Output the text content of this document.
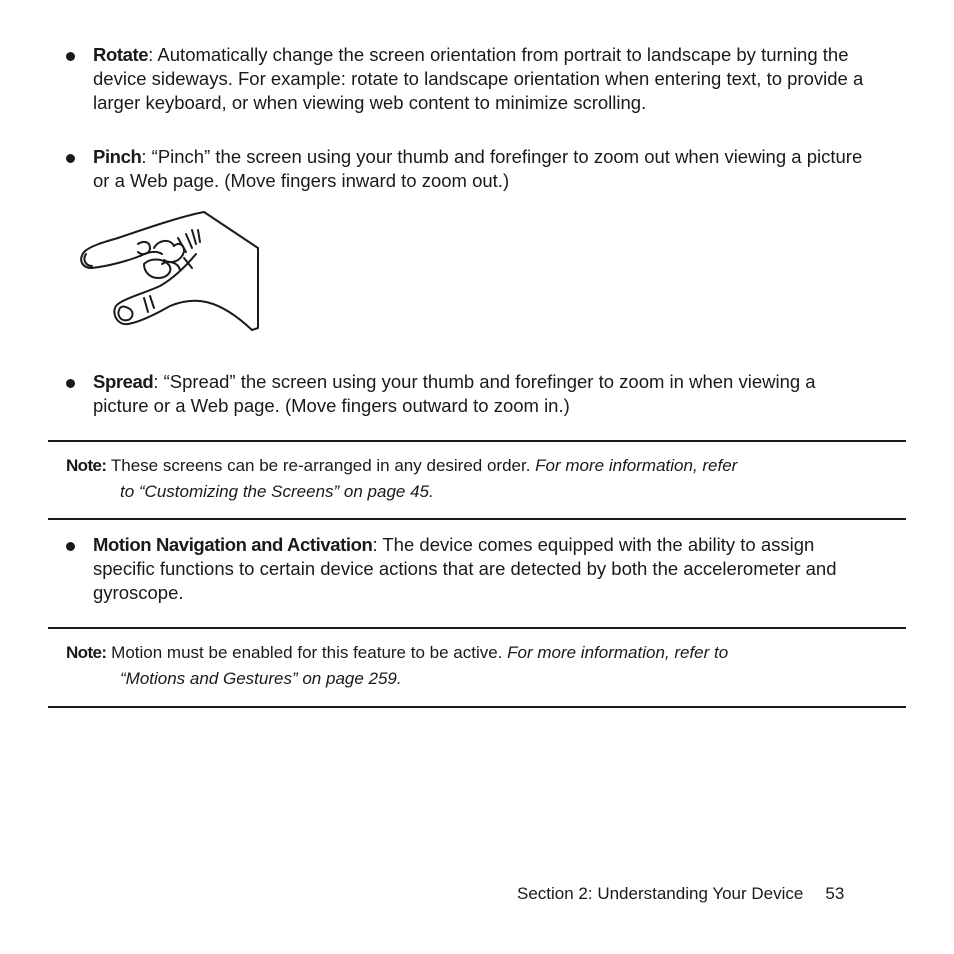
Rotate: Automatically change the screen orientation from portrait to landscape by turning the device sideways. For example: rotate to landscape orientation when entering text, to provide a larger keyboard, or when viewing web content to minimize scrolling.
Pinch: “Pinch” the screen using your thumb and forefinger to zoom out when viewing a picture or a Web page. (Move fingers inward to zoom out.)
Spread: “Spread” the screen using your thumb and forefinger to zoom in when viewing a picture or a Web page. (Move fingers outward to zoom in.)
Note: These screens can be re-arranged in any desired order. For more information, refer
to “Customizing the Screens” on page 45.
Motion Navigation and Activation: The device comes equipped with the ability to assign specific functions to certain device actions that are detected by both the accelerometer and gyroscope.
Note: Motion must be enabled for this feature to be active. For more information, refer to
“Motions and Gestures” on page 259.
Section 2: Understanding Your Device 53
